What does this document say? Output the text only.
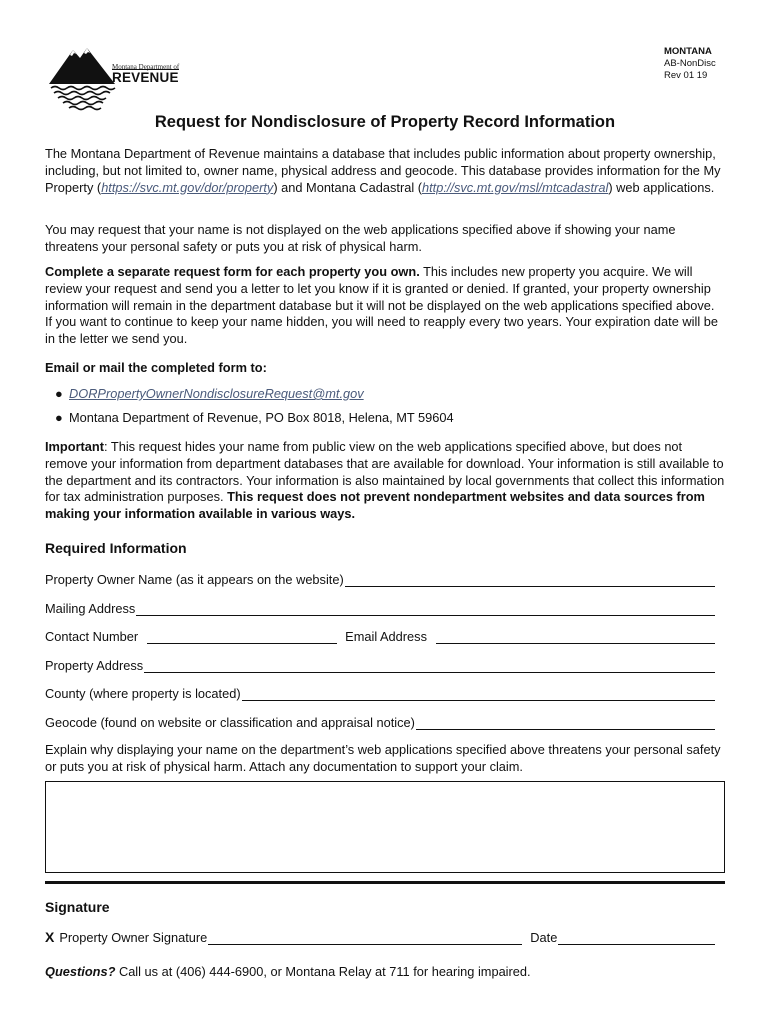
Montana Department of
REVENUE
MONTANA
AB-NonDisc
Rev 01 19
Request for Nondisclosure of Property Record Information

The Montana Department of Revenue maintains a database that includes public information about property ownership, including, but not limited to, owner name, physical address and geocode. This database provides information for the My Property (https://svc.mt.gov/dor/property) and Montana Cadastral (http://svc.mt.gov/msl/mtcadastral) web applications.

You may request that your name is not displayed on the web applications specified above if showing your name threatens your personal safety or puts you at risk of physical harm.

Complete a separate request form for each property you own. This includes new property you acquire. We will review your request and send you a letter to let you know if it is granted or denied. If granted, your property ownership information will remain in the department database but it will not be displayed on the web applications specified above. If you want to continue to keep your name hidden, you will need to reapply every two years. Your expiration date will be in the letter we send you.

Email or mail the completed form to:

● DORPropertyOwnerNondisclosureRequest@mt.gov
● Montana Department of Revenue, PO Box 8018, Helena, MT 59604

Important: This request hides your name from public view on the web applications specified above, but does not remove your information from department databases that are available for download. Your information is still available to the department and its contractors. Your information is also maintained by local governments that collect this information for tax administration purposes. This request does not prevent nondepartment websites and data sources from making your information available in various ways.

Required Information

Property Owner Name (as it appears on the website)
Mailing Address
Contact Number	Email Address
Property Address
County (where property is located)
Geocode (found on website or classification and appraisal notice)

Explain why displaying your name on the department’s web applications specified above threatens your personal safety or puts you at risk of physical harm. Attach any documentation to support your claim.

Signature

X Property Owner Signature	Date
Questions? Call us at (406) 444-6900, or Montana Relay at 711 for hearing impaired.
